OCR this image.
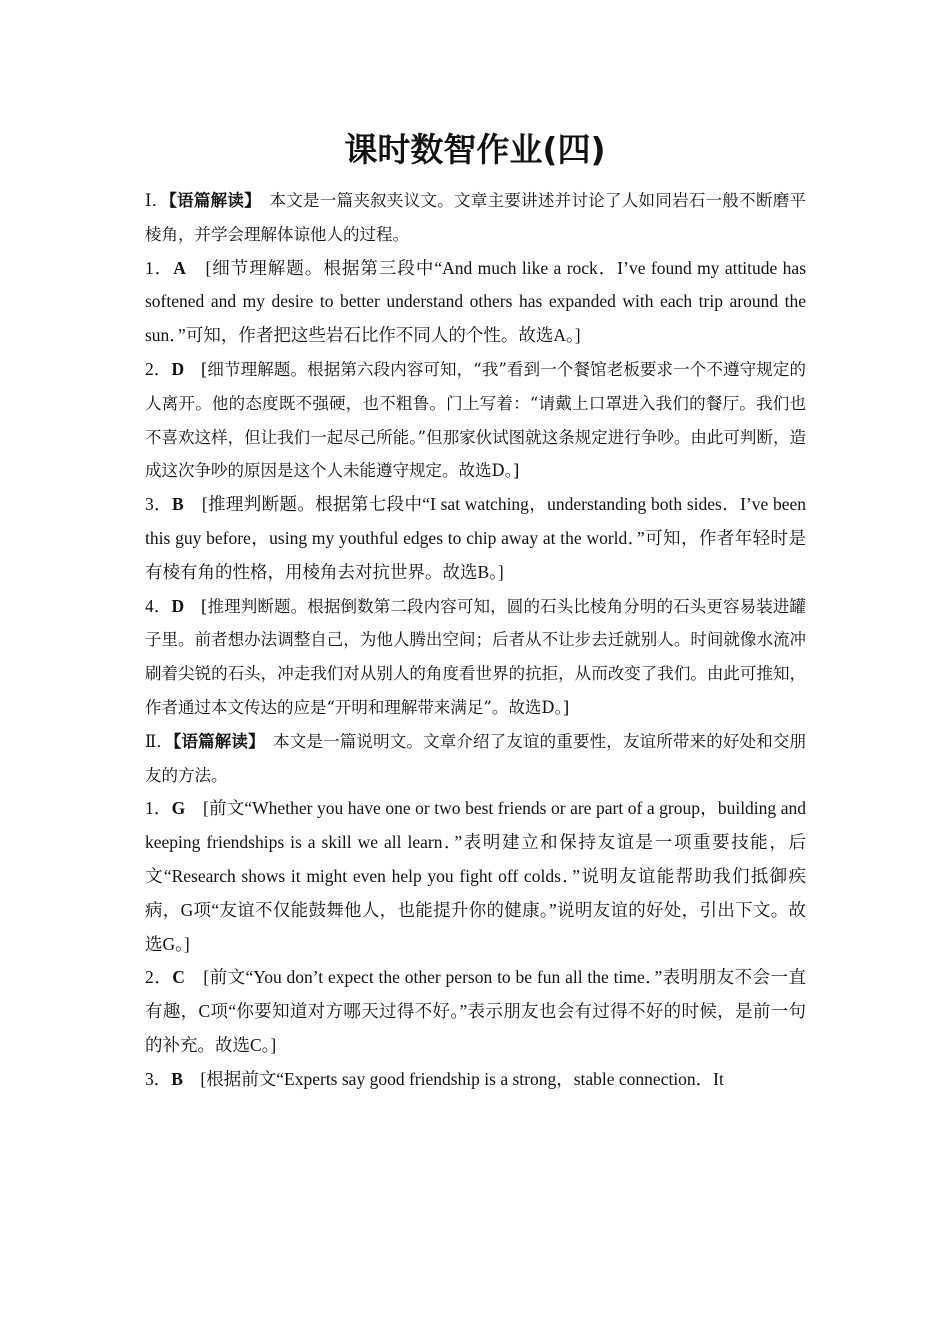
课时数智作业(四)

Ⅰ．【语篇解读】　本文是一篇夹叙夹议文。文章主要讲述并讨论了人如同岩石一般不断磨平棱角，并学会理解体谅他人的过程。

1．A　[细节理解题。根据第三段中“And much like a rock．I’ve found my attitude has softened and my desire to better understand others has expanded with each trip around the sun．”可知，作者把这些岩石比作不同人的个性。故选A。]

2．D　[细节理解题。根据第六段内容可知，“我”看到一个餐馆老板要求一个不遵守规定的人离开。他的态度既不强硬，也不粗鲁。门上写着：“请戴上口罩进入我们的餐厅。我们也不喜欢这样，但让我们一起尽己所能。”但那家伙试图就这条规定进行争吵。由此可判断，造成这次争吵的原因是这个人未能遵守规定。故选D。]

3．B　[推理判断题。根据第七段中“I sat watching，understanding both sides．I’ve been this guy before，using my youthful edges to chip away at the world．”可知，作者年轻时是有棱有角的性格，用棱角去对抗世界。故选B。]

4．D　[推理判断题。根据倒数第二段内容可知，圆的石头比棱角分明的石头更容易装进罐子里。前者想办法调整自己，为他人腾出空间；后者从不让步去迁就别人。时间就像水流冲刷着尖锐的石头，冲走我们对从别人的角度看世界的抗拒，从而改变了我们。由此可推知，作者通过本文传达的应是“开明和理解带来满足”。故选D。]

Ⅱ．【语篇解读】　本文是一篇说明文。文章介绍了友谊的重要性，友谊所带来的好处和交朋友的方法。

1．G　[前文“Whether you have one or two best friends or are part of a group，building and keeping friendships is a skill we all learn．”表明建立和保持友谊是一项重要技能，后文“Research shows it might even help you fight off colds．”说明友谊能帮助我们抵御疾病，G项“友谊不仅能鼓舞他人，也能提升你的健康。”说明友谊的好处，引出下文。故选G。]

2．C　[前文“You don’t expect the other person to be fun all the time．”表明朋友不会一直有趣，C项“你要知道对方哪天过得不好。”表示朋友也会有过得不好的时候，是前一句的补充。故选C。]

3．B　[根据前文“Experts say good friendship is a strong，stable connection．It
